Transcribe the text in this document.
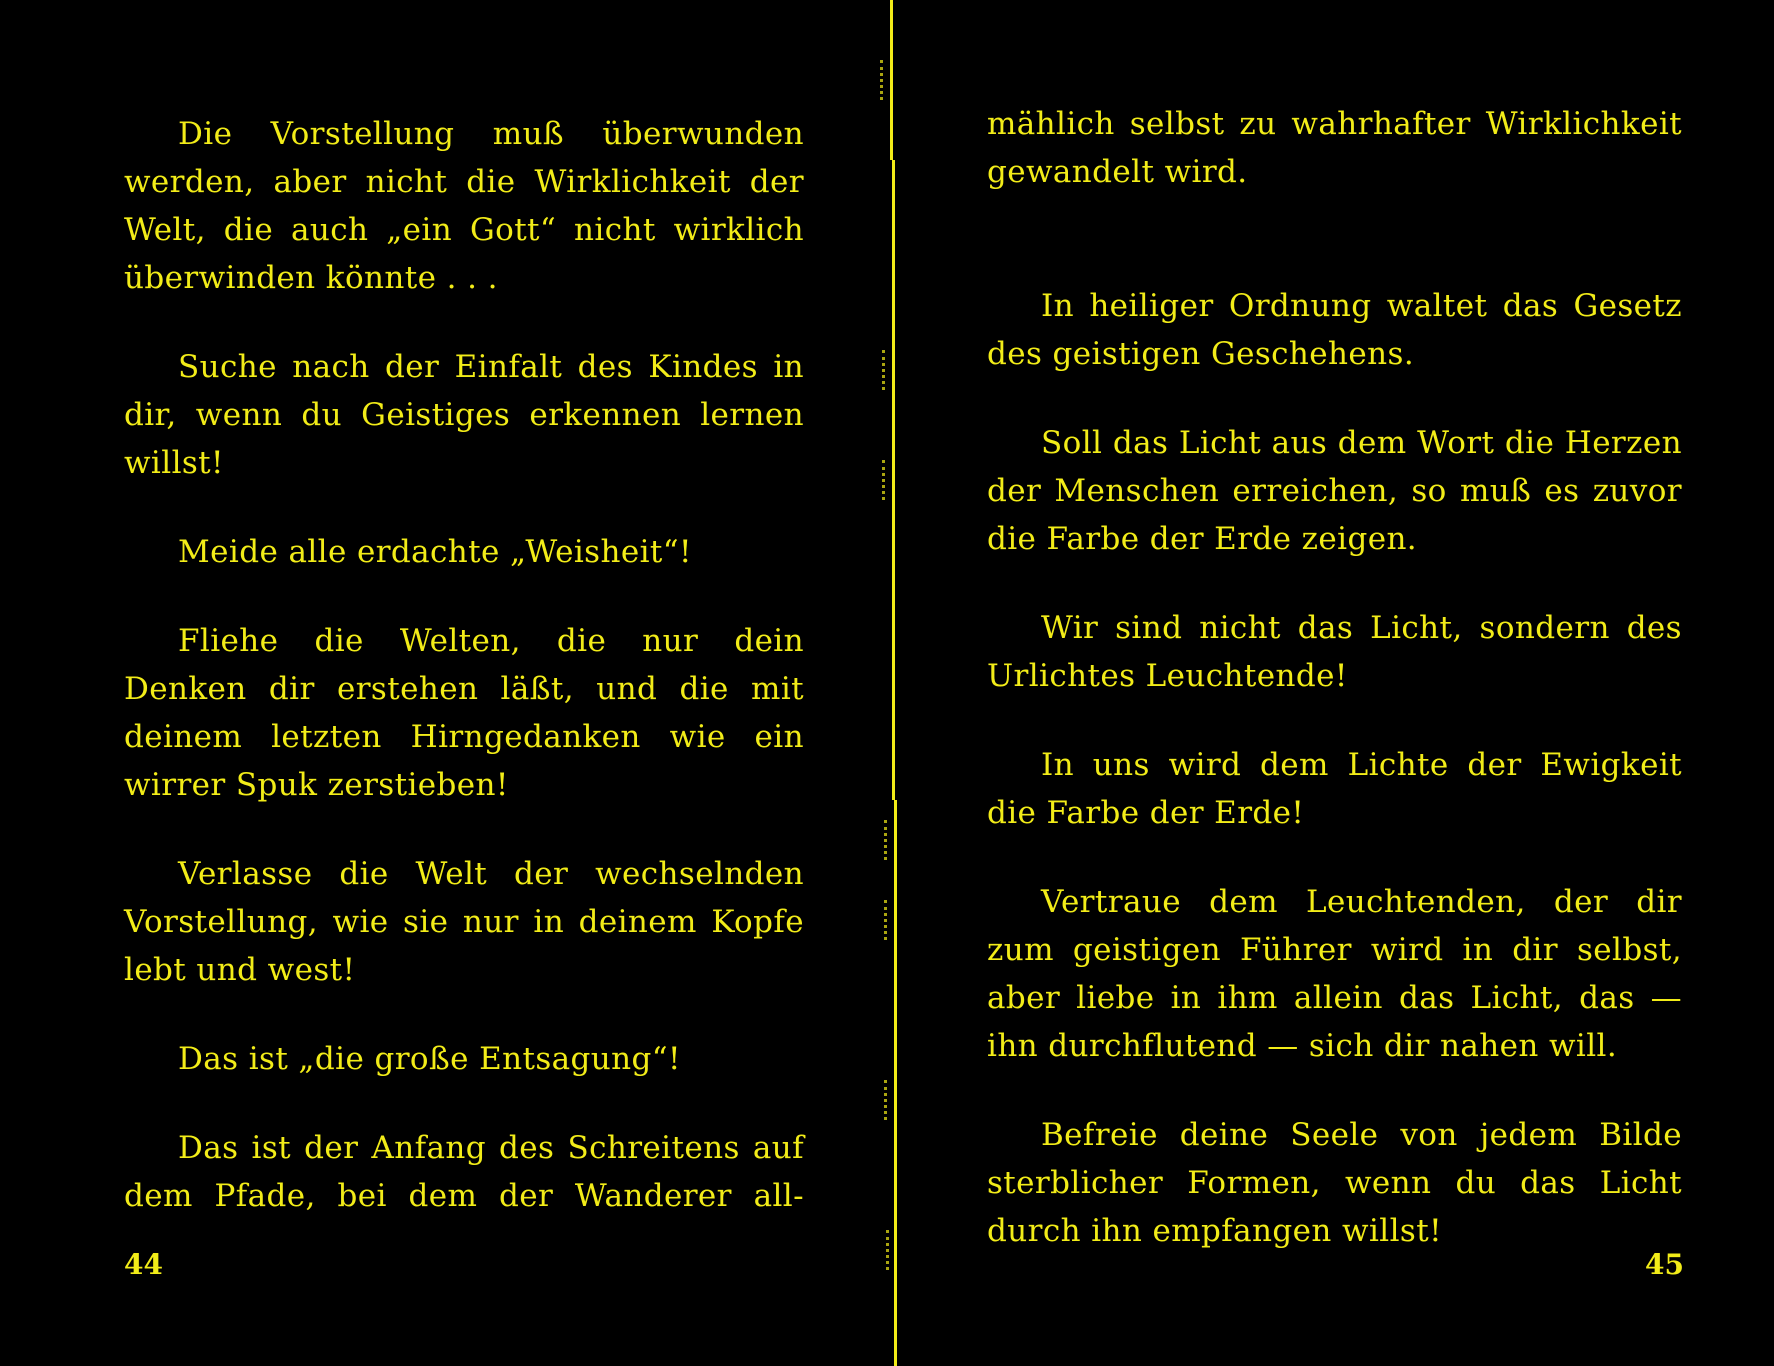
Die Vorstellung muß überwunden werden, aber nicht die Wirklichkeit der Welt, die auch „ein Gott“ nicht wirklich überwinden könnte . . .

Suche nach der Einfalt des Kindes in dir, wenn du Geistiges erkennen lernen willst!

Meide alle erdachte „Weisheit“!

Fliehe die Welten, die nur dein Denken dir erstehen läßt, und die mit deinem letzten Hirngedanken wie ein wirrer Spuk zerstieben!

Verlasse die Welt der wechselnden Vorstellung, wie sie nur in deinem Kopfe lebt und west!

Das ist „die große Entsagung“!

Das ist der Anfang des Schreitens auf dem Pfade, bei dem der Wanderer all-

44

mählich selbst zu wahrhafter Wirklichkeit gewandelt wird.

In heiliger Ordnung waltet das Gesetz des geistigen Geschehens.

Soll das Licht aus dem Wort die Herzen der Menschen erreichen, so muß es zuvor die Farbe der Erde zeigen.

Wir sind nicht das Licht, sondern des Urlichtes Leuchtende!

In uns wird dem Lichte der Ewigkeit die Farbe der Erde!

Vertraue dem Leuchtenden, der dir zum geistigen Führer wird in dir selbst, aber liebe in ihm allein das Licht, das — ihn durchflutend — sich dir nahen will.

Befreie deine Seele von jedem Bilde sterblicher Formen, wenn du das Licht durch ihn empfangen willst!

45
